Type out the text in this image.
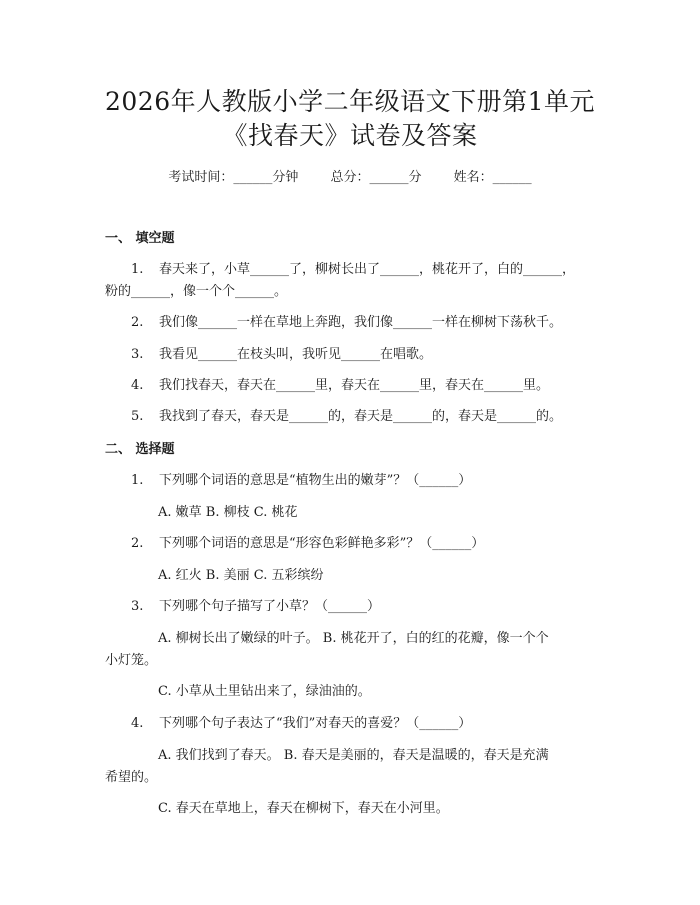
2026年人教版小学二年级语文下册第1单元
《找春天》试卷及答案
考试时间：______分钟 总分：______分 姓名：______
一、 填空题
1. 春天来了，小草______了，柳树长出了______，桃花开了，白的______，
粉的______，像一个个______。
2. 我们像______一样在草地上奔跑，我们像______一样在柳树下荡秋千。
3. 我看见______在枝头叫，我听见______在唱歌。
4. 我们找春天，春天在______里，春天在______里，春天在______里。
5. 我找到了春天，春天是______的，春天是______的，春天是______的。
二、 选择题
1. 下列哪个词语的意思是“植物生出的嫩芽”？（______）
A. 嫩草 B. 柳枝 C. 桃花
2. 下列哪个词语的意思是“形容色彩鲜艳多彩”？（______）
A. 红火 B. 美丽 C. 五彩缤纷
3. 下列哪个句子描写了小草？（______）
A. 柳树长出了嫩绿的叶子。 B. 桃花开了，白的红的花瓣，像一个个
小灯笼。
C. 小草从土里钻出来了，绿油油的。
4. 下列哪个句子表达了“我们”对春天的喜爱？（______）
A. 我们找到了春天。 B. 春天是美丽的，春天是温暖的，春天是充满
希望的。
C. 春天在草地上，春天在柳树下，春天在小河里。
